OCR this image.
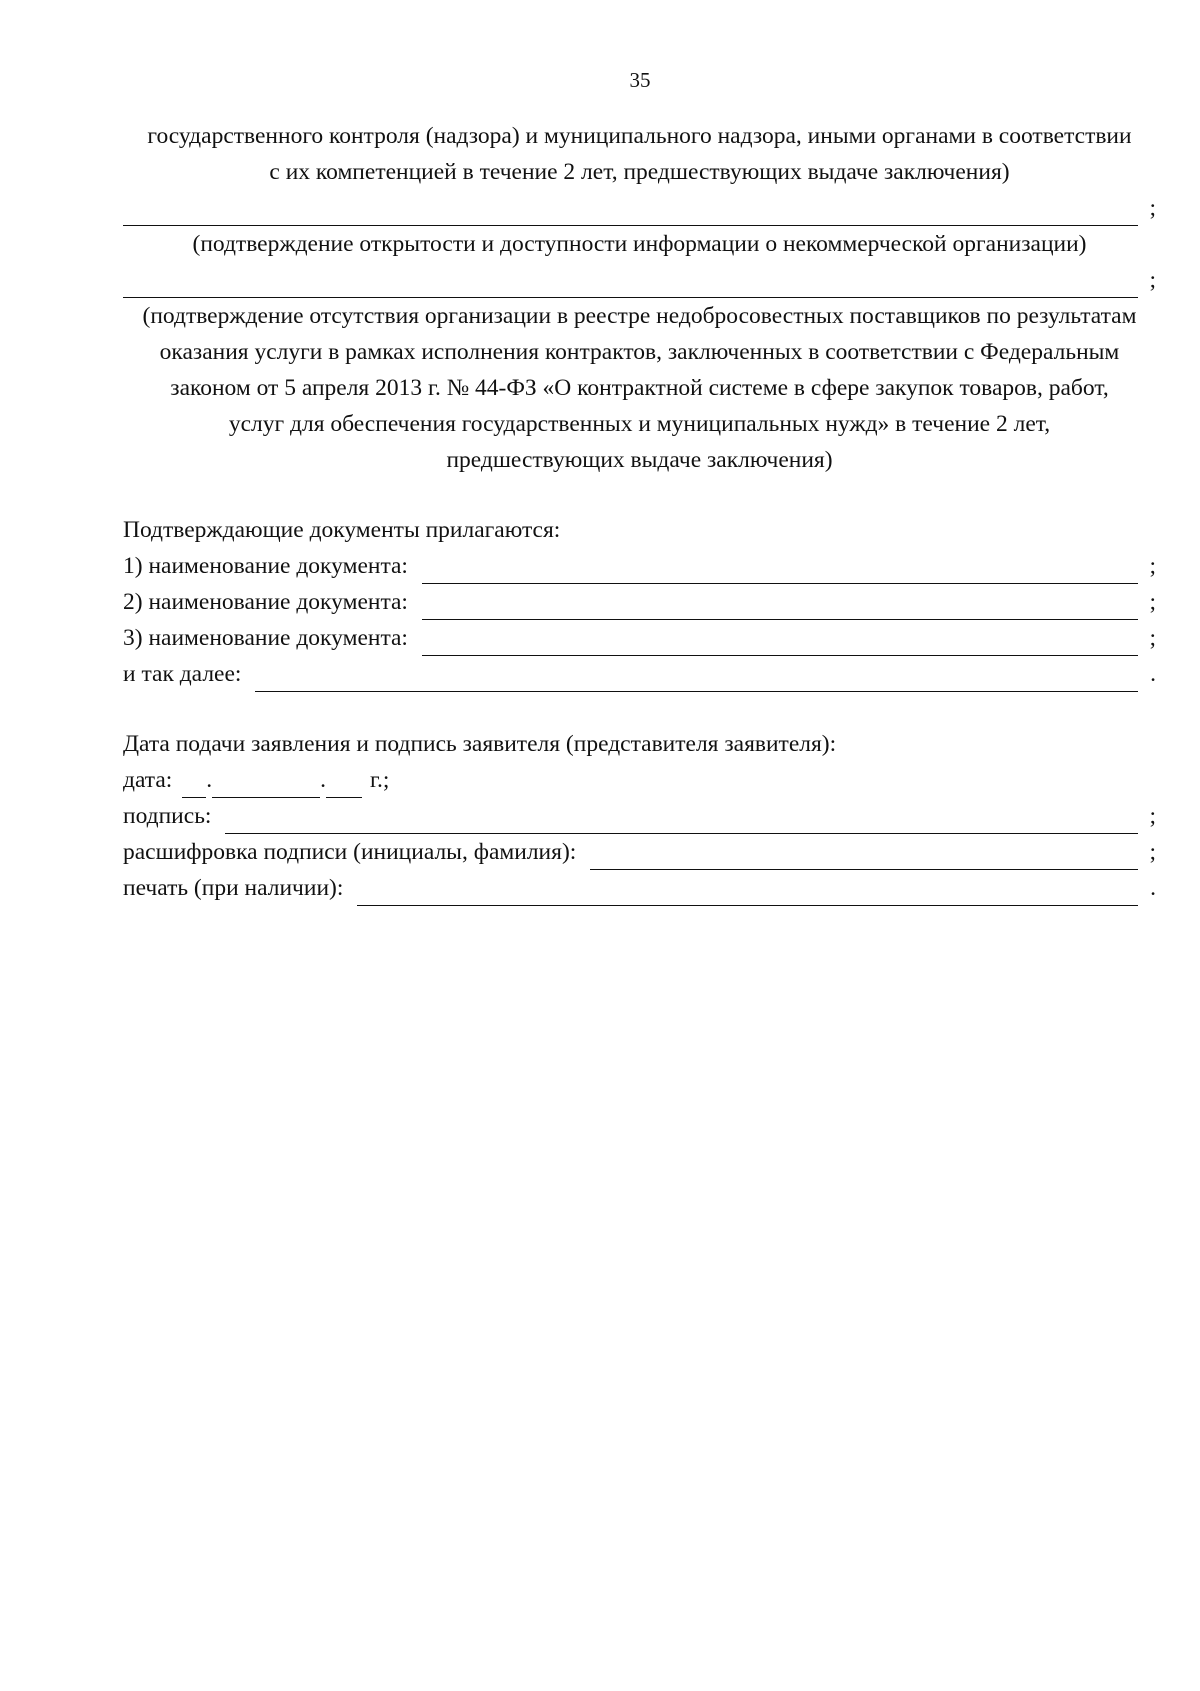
35
государственного контроля (надзора) и муниципального надзора, иными органами в соответствии
с их компетенцией в течение 2 лет, предшествующих выдаче заключения)
;
(подтверждение открытости и доступности информации о некоммерческой организации)
;
(подтверждение отсутствия организации в реестре недобросовестных поставщиков по результатам
оказания услуги в рамках исполнения контрактов, заключенных в соответствии с Федеральным
законом от 5 апреля 2013 г. № 44-ФЗ «О контрактной системе в сфере закупок товаров, работ,
услуг для обеспечения государственных и муниципальных нужд» в течение 2 лет,
предшествующих выдаче заключения)
Подтверждающие документы прилагаются:
1) наименование документа:	;
2) наименование документа:	;
3) наименование документа:	;
и так далее:	.
Дата подачи заявления и подпись заявителя (представителя заявителя):
дата: .	. г.;
подпись:	;
расшифровка подписи (инициалы, фамилия):	;
печать (при наличии):	.
